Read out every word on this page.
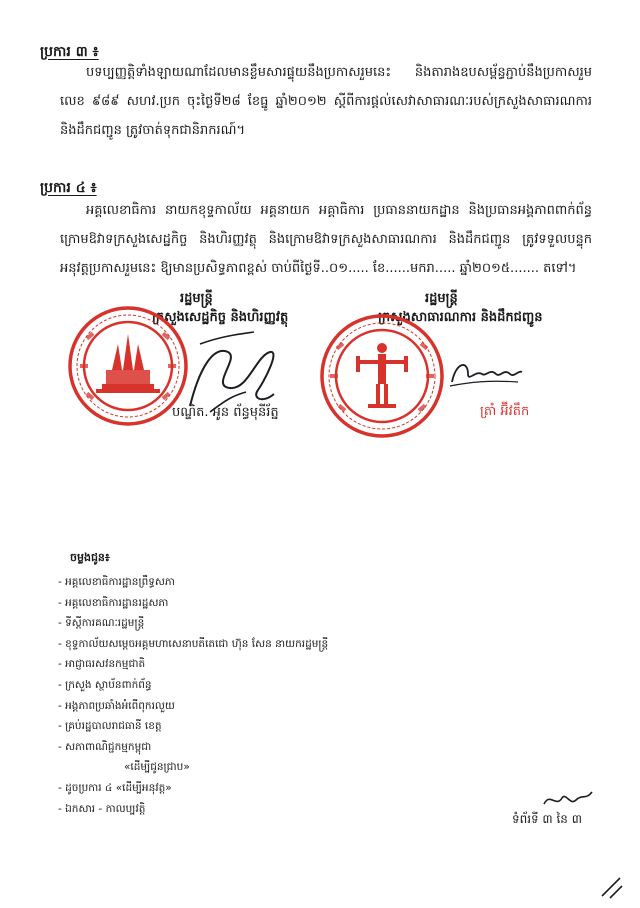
ប្រការ ៣ ៖
បទប្បញ្ញត្តិទាំងឡាយណាដែលមានខ្លឹមសារផ្ទុយនឹងប្រកាសរួមនេះ និងតារាងឧបសម្ព័ន្ធភ្ជាប់នឹងប្រកាសរួម លេខ ៩៨៩ សហវ.ប្រក ចុះថ្ងៃទី២៨ ខែធ្នូ ឆ្នាំ២០១២ ស្ដីពីការផ្ដល់សេវាសាធារណៈរបស់ក្រសួងសាធារណការ និងដឹកជញ្ជូន ត្រូវចាត់ទុកជានិរាករណ៍។
ប្រការ ៤ ៖
អគ្គលេខាធិការ នាយកខុទ្ទកាល័យ អគ្គនាយក អគ្គាធិការ ប្រធាននាយកដ្ឋាន និងប្រធានអង្គភាពពាក់ព័ន្ធ ក្រោមឱវាទក្រសួងសេដ្ឋកិច្ច និងហិរញ្ញវត្ថុ និងក្រោមឱវាទក្រសួងសាធារណការ និងដឹកជញ្ជូន ត្រូវទទួលបន្ទុក អនុវត្តប្រកាសរួមនេះ ឱ្យមានប្រសិទ្ធភាពខ្ពស់ ចាប់ពីថ្ងៃទី..០១..... ខែ......មករា..... ឆ្នាំ២០១៥....... តទៅ។
រដ្ឋមន្ត្រី
ក្រសួងសេដ្ឋកិច្ច និងហិរញ្ញវត្ថុ
បណ្ឌិត. អូន ព័ន្ធមុនីរ័ត្ន
រដ្ឋមន្ត្រី
ក្រសួងសាធារណការ និងដឹកជញ្ជូន
ត្រាំ អ៊ីវតឹក
ចម្លងជូន៖
- អគ្គលេខាធិការដ្ឋានព្រឹទ្ធសភា
- អគ្គលេខាធិការដ្ឋានរដ្ឋសភា
- ទីស្ដីការគណៈរដ្ឋមន្ត្រី
- ខុទ្ទកាល័យសម្ដេចអគ្គមហាសេនាបតីតេជោ ហ៊ុន សែន នាយករដ្ឋមន្ត្រី
- អាជ្ញាធរសវនកម្មជាតិ
- ក្រសួង ស្ថាប័នពាក់ព័ន្ធ
- អង្គភាពប្រឆាំងអំពើពុករលួយ
- គ្រប់រដ្ឋបាលរាជធានី ខេត្ត
- សភាពាណិជ្ជកម្មកម្ពុជា
«ដើម្បីជូនជ្រាប»
- ដូចប្រការ ៤ «ដើម្បីអនុវត្ត»
- ឯកសារ - កាលប្បវត្តិ
ទំព័រទី ៣ នៃ ៣
